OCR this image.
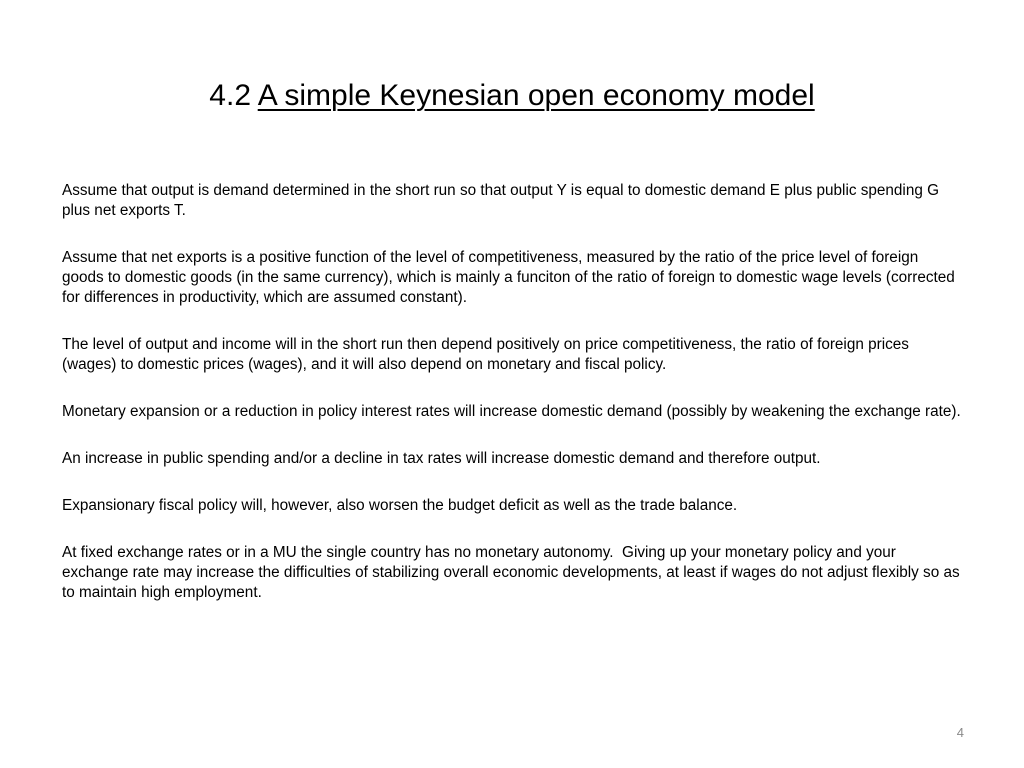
4.2 A simple Keynesian open economy model

Assume that output is demand determined in the short run so that output Y is equal to domestic demand E plus public spending G plus net exports T.

Assume that net exports is a positive function of the level of competitiveness, measured by the ratio of the price level of foreign goods to domestic goods (in the same currency), which is mainly a funciton of the ratio of foreign to domestic wage levels (corrected for differences in productivity, which are assumed constant).

The level of output and income will in the short run then depend positively on price competitiveness, the ratio of foreign prices (wages) to domestic prices (wages), and it will also depend on monetary and fiscal policy.

Monetary expansion or a reduction in policy interest rates will increase domestic demand (possibly by weakening the exchange rate).

An increase in public spending and/or a decline in tax rates will increase domestic demand and therefore output.

Expansionary fiscal policy will, however, also worsen the budget deficit as well as the trade balance.

At fixed exchange rates or in a MU the single country has no monetary autonomy.  Giving up your monetary policy and your exchange rate may increase the difficulties of stabilizing overall economic developments, at least if wages do not adjust flexibly so as to maintain high employment.

4
